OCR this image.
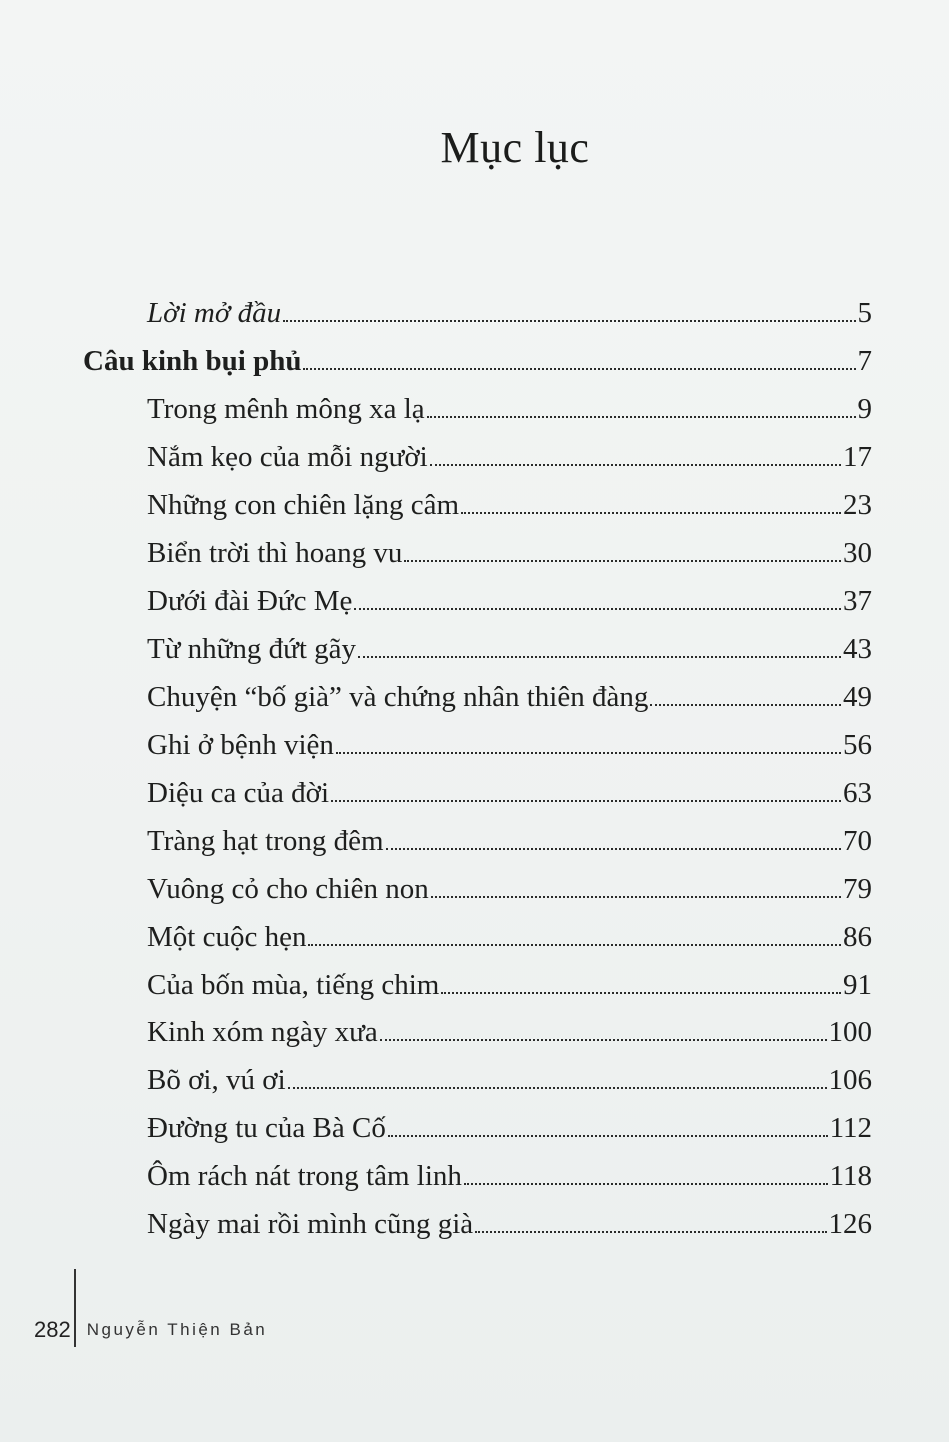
Mục lục
Lời mở đầu	5
Câu kinh bụi phủ	7
Trong mênh mông xa lạ	9
Nắm kẹo của mỗi người	17
Những con chiên lặng câm	23
Biển trời thì hoang vu	30
Dưới đài Đức Mẹ	37
Từ những đứt gãy	43
Chuyện “bố già” và chứng nhân thiên đàng	49
Ghi ở bệnh viện	56
Diệu ca của đời	63
Tràng hạt trong đêm	70
Vuông cỏ cho chiên non	79
Một cuộc hẹn	86
Của bốn mùa, tiếng chim	91
Kinh xóm ngày xưa	100
Bõ ơi, vú ơi	106
Đường tu của Bà Cố	112
Ôm rách nát trong tâm linh	118
Ngày mai rồi mình cũng già	126
282 Nguyễn Thiện Bản
